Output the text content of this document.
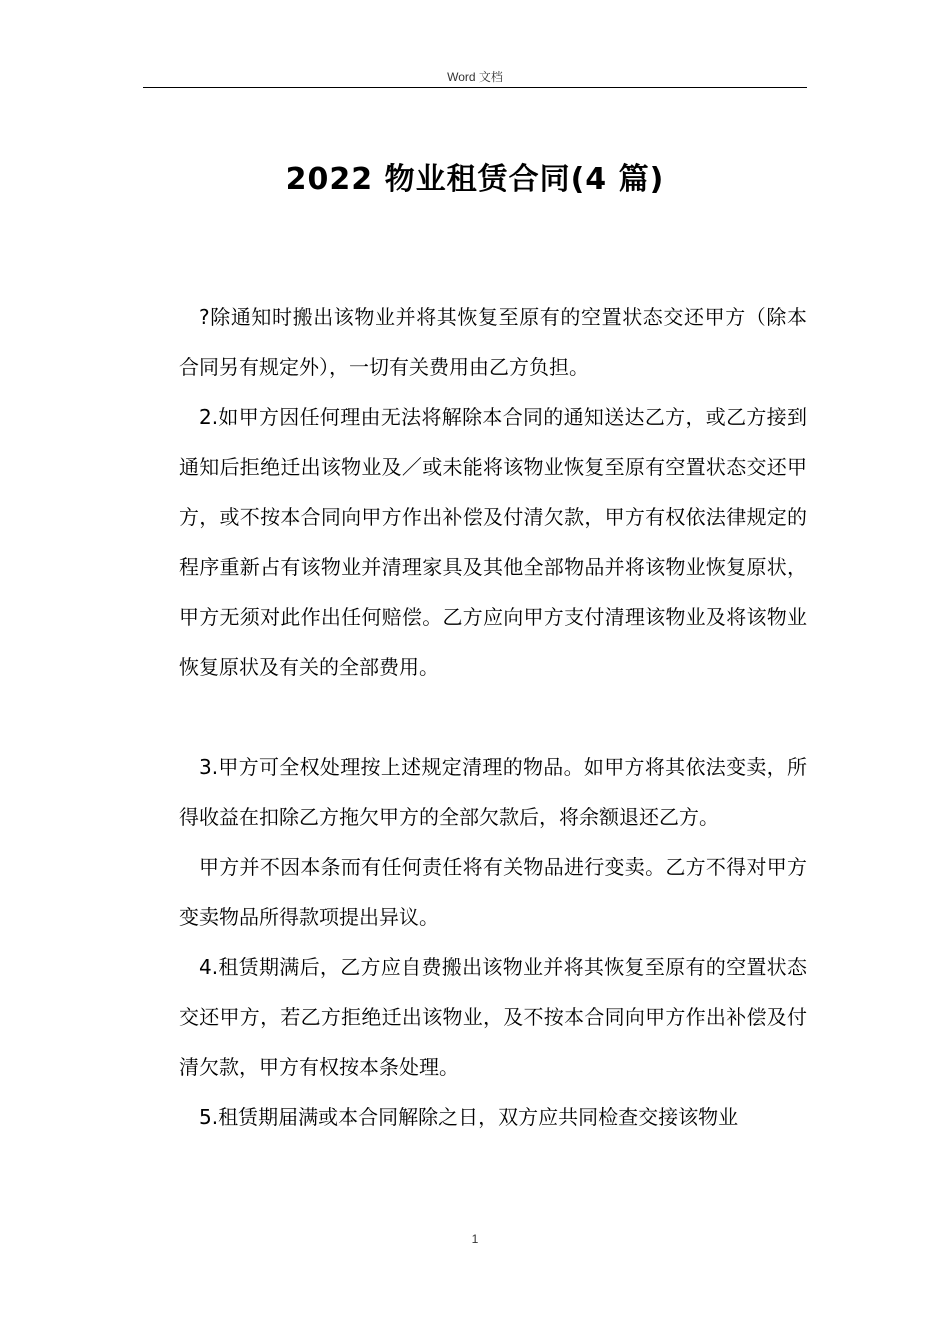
Word 文档
2022 物业租赁合同(4 篇)

?除通知时搬出该物业并将其恢复至原有的空置状态交还甲方（除本合同另有规定外），一切有关费用由乙方负担。

2.如甲方因任何理由无法将解除本合同的通知送达乙方，或乙方接到通知后拒绝迁出该物业及／或未能将该物业恢复至原有空置状态交还甲方，或不按本合同向甲方作出补偿及付清欠款，甲方有权依法律规定的程序重新占有该物业并清理家具及其他全部物品并将该物业恢复原状，甲方无须对此作出任何赔偿。乙方应向甲方支付清理该物业及将该物业恢复原状及有关的全部费用。

3.甲方可全权处理按上述规定清理的物品。如甲方将其依法变卖，所得收益在扣除乙方拖欠甲方的全部欠款后，将余额退还乙方。

甲方并不因本条而有任何责任将有关物品进行变卖。乙方不得对甲方变卖物品所得款项提出异议。

4.租赁期满后，乙方应自费搬出该物业并将其恢复至原有的空置状态交还甲方，若乙方拒绝迁出该物业，及不按本合同向甲方作出补偿及付清欠款，甲方有权按本条处理。

5.租赁期届满或本合同解除之日，双方应共同检查交接该物业

1
